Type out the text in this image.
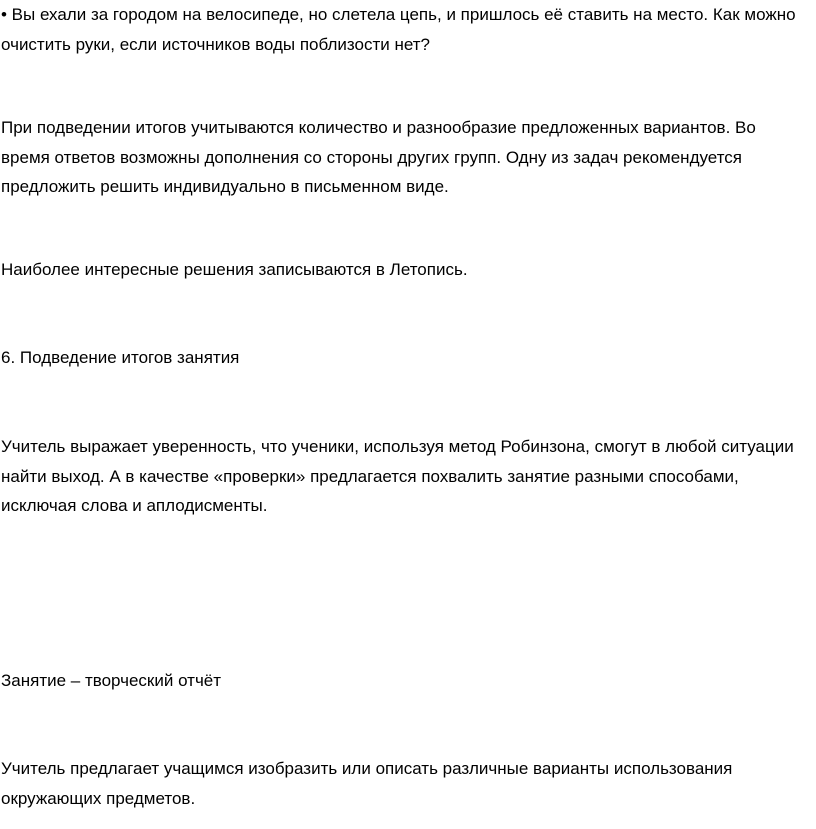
• Вы ехали за городом на велосипеде, но слетела цепь, и пришлось её ставить на место. Как можно очистить руки, если источников воды поблизости нет?

При подведении итогов учитываются количество и разнообразие предложенных вариантов. Во время ответов возможны дополнения со стороны других групп. Одну из задач рекомендуется предложить решить индивидуально в письменном виде.

Наиболее интересные решения записываются в Летопись.

6. Подведение итогов занятия

Учитель выражает уверенность, что ученики, используя метод Робинзона, смогут в любой ситуации найти выход. А в качестве «проверки» предлагается похвалить занятие разными способами, исключая слова и аплодисменты.

Занятие – творческий отчёт

Учитель предлагает учащимся изобразить или описать различные варианты использования окружающих предметов.
